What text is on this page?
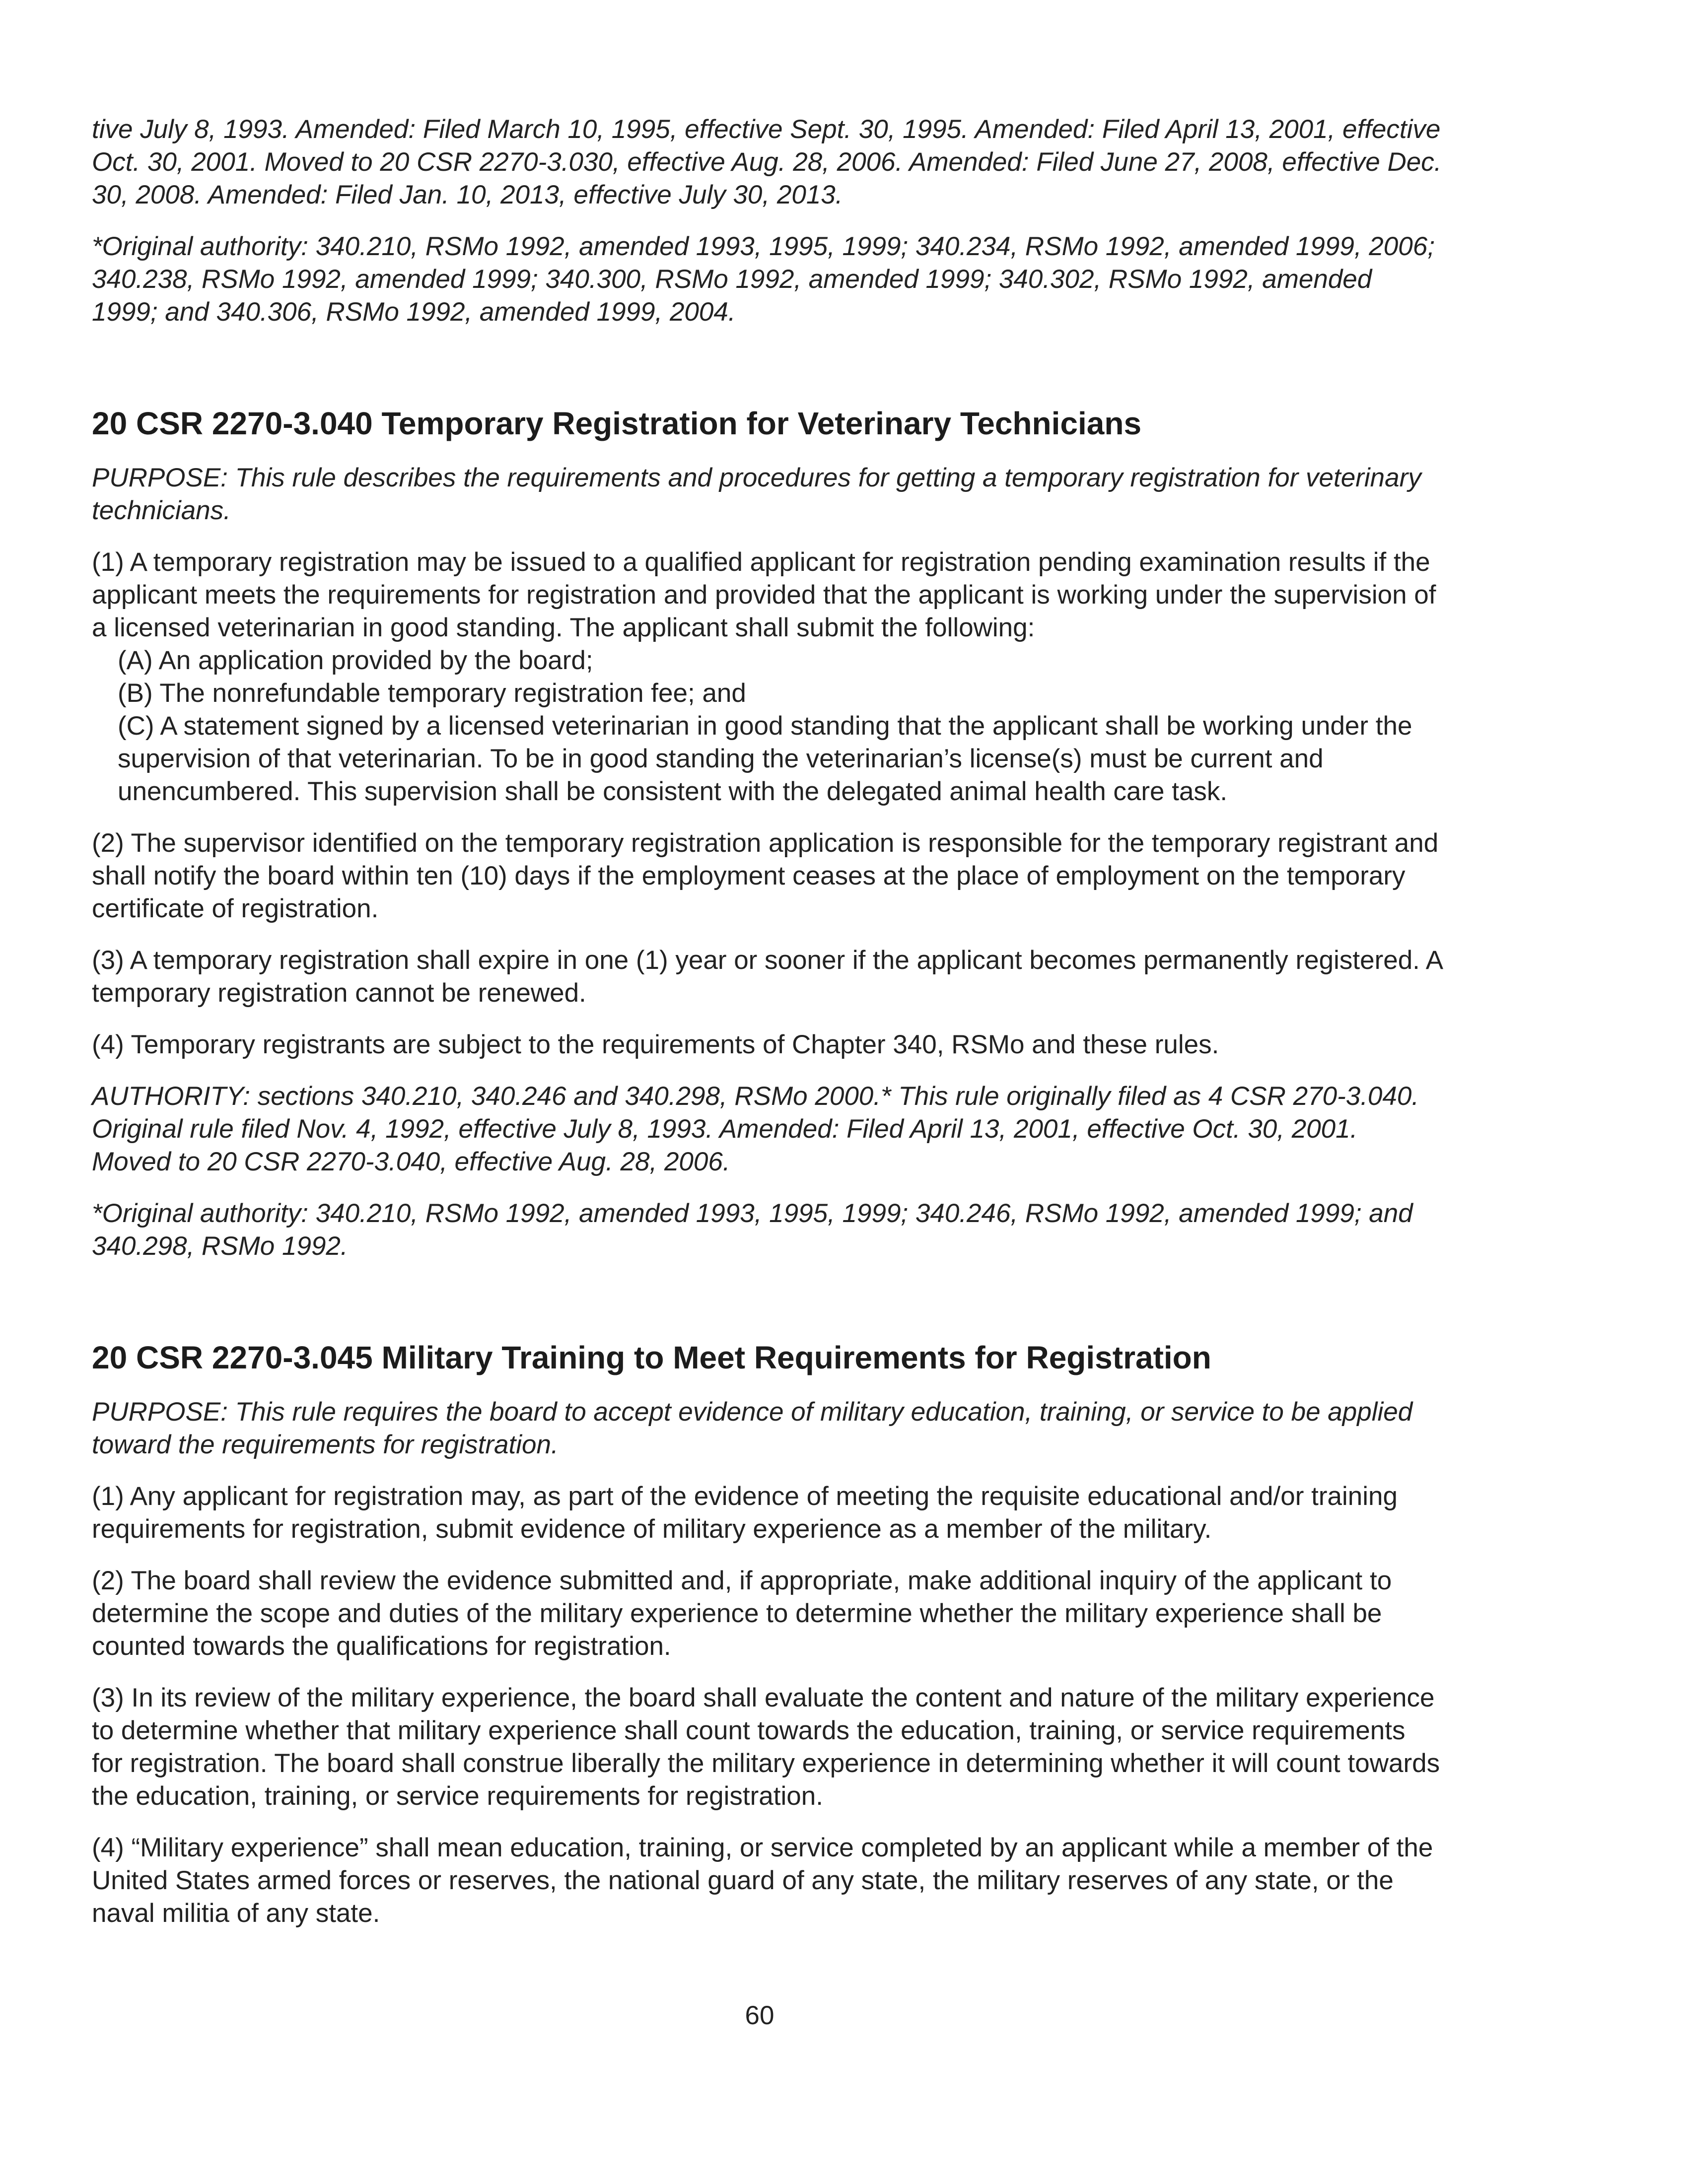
tive July 8, 1993. Amended: Filed March 10, 1995, effective Sept. 30, 1995. Amended: Filed April 13, 2001, effective Oct. 30, 2001. Moved to 20 CSR 2270-3.030, effective Aug. 28, 2006. Amended: Filed June 27, 2008, effective Dec. 30, 2008. Amended: Filed Jan. 10, 2013, effective July 30, 2013.

*Original authority: 340.210, RSMo 1992, amended 1993, 1995, 1999; 340.234, RSMo 1992, amended 1999, 2006; 340.238, RSMo 1992, amended 1999; 340.300, RSMo 1992, amended 1999; 340.302, RSMo 1992, amended 1999; and 340.306, RSMo 1992, amended 1999, 2004.

20 CSR 2270-3.040 Temporary Registration for Veterinary Technicians

PURPOSE: This rule describes the requirements and procedures for getting a temporary registration for veterinary technicians.

(1) A temporary registration may be issued to a qualified applicant for registration pending examination results if the applicant meets the requirements for registration and provided that the applicant is working under the supervision of a licensed veterinarian in good standing. The applicant shall submit the following:

(A) An application provided by the board;

(B) The nonrefundable temporary registration fee; and

(C) A statement signed by a licensed veterinarian in good standing that the applicant shall be working under the supervision of that veterinarian. To be in good standing the veterinarian’s license(s) must be current and unencumbered. This supervision shall be consistent with the delegated animal health care task.

(2) The supervisor identified on the temporary registration application is responsible for the temporary registrant and shall notify the board within ten (10) days if the employment ceases at the place of employment on the temporary certificate of registration.

(3) A temporary registration shall expire in one (1) year or sooner if the applicant becomes permanently registered. A temporary registration cannot be renewed.

(4) Temporary registrants are subject to the requirements of Chapter 340, RSMo and these rules.

AUTHORITY: sections 340.210, 340.246 and 340.298, RSMo 2000.* This rule originally filed as 4 CSR 270-3.040. Original rule filed Nov. 4, 1992, effective July 8, 1993. Amended: Filed April 13, 2001, effective Oct. 30, 2001. Moved to 20 CSR 2270-3.040, effective Aug. 28, 2006.

*Original authority: 340.210, RSMo 1992, amended 1993, 1995, 1999; 340.246, RSMo 1992, amended 1999; and 340.298, RSMo 1992.

20 CSR 2270-3.045 Military Training to Meet Requirements for Registration

PURPOSE: This rule requires the board to accept evidence of military education, training, or service to be applied toward the requirements for registration.

(1) Any applicant for registration may, as part of the evidence of meeting the requisite educational and/or training requirements for registration, submit evidence of military experience as a member of the military.

(2) The board shall review the evidence submitted and, if appropriate, make additional inquiry of the applicant to determine the scope and duties of the military experience to determine whether the military experience shall be counted towards the qualifications for registration.

(3) In its review of the military experience, the board shall evaluate the content and nature of the military experience to determine whether that military experience shall count towards the education, training, or service requirements for registration. The board shall construe liberally the military experience in determining whether it will count towards the education, training, or service requirements for registration.

(4) “Military experience” shall mean education, training, or service completed by an applicant while a member of the United States armed forces or reserves, the national guard of any state, the military reserves of any state, or the naval militia of any state.

60
